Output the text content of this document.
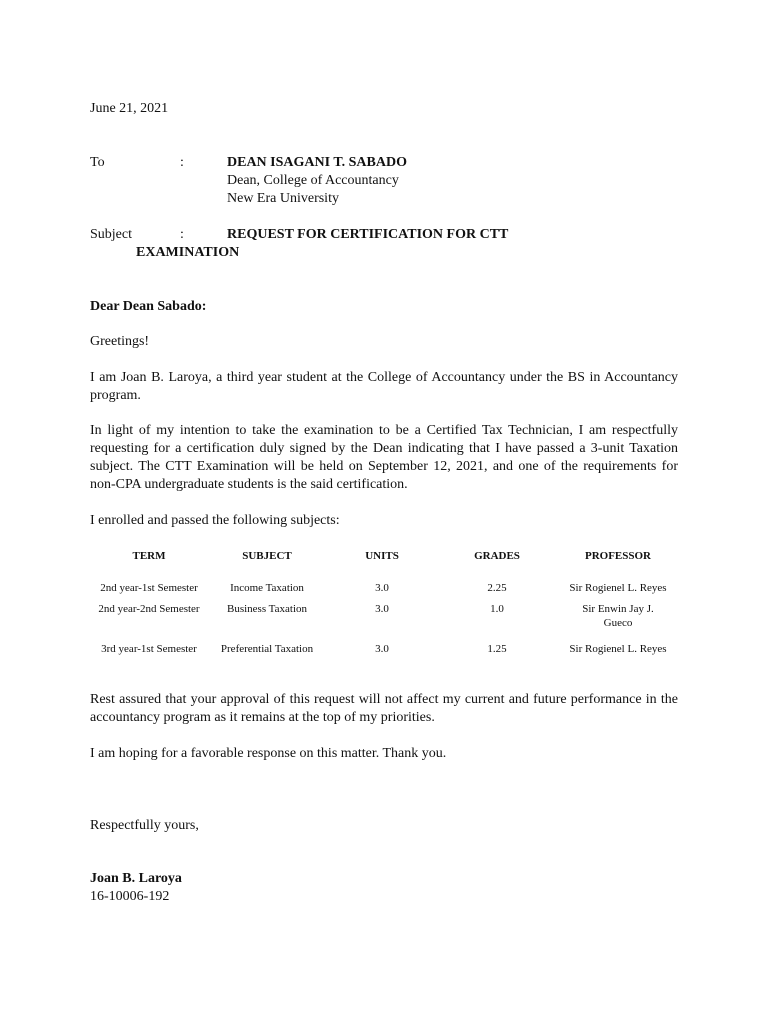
June 21, 2021
To	:	DEAN ISAGANI T. SABADO
Dean, College of Accountancy
New Era University
Subject	:	REQUEST FOR CERTIFICATION FOR CTT
EXAMINATION
Dear Dean Sabado:
Greetings!
I am Joan B. Laroya, a third year student at the College of Accountancy under the BS in Accountancy program.
In light of my intention to take the examination to be a Certified Tax Technician, I am respectfully requesting for a certification duly signed by the Dean indicating that I have passed a 3-unit Taxation subject. The CTT Examination will be held on September 12, 2021, and one of the requirements for non-CPA undergraduate students is the said certification.
I enrolled and passed the following subjects:
TERM	SUBJECT	UNITS	GRADES	PROFESSOR
2nd year-1st Semester	Income Taxation	3.0	2.25	Sir Rogienel L. Reyes
2nd year-2nd Semester	Business Taxation	3.0	1.0	Sir Enwin Jay J. Gueco
3rd year-1st Semester	Preferential Taxation	3.0	1.25	Sir Rogienel L. Reyes
Rest assured that your approval of this request will not affect my current and future performance in the accountancy program as it remains at the top of my priorities.
I am hoping for a favorable response on this matter. Thank you.
Respectfully yours,
Joan B. Laroya
16-10006-192
